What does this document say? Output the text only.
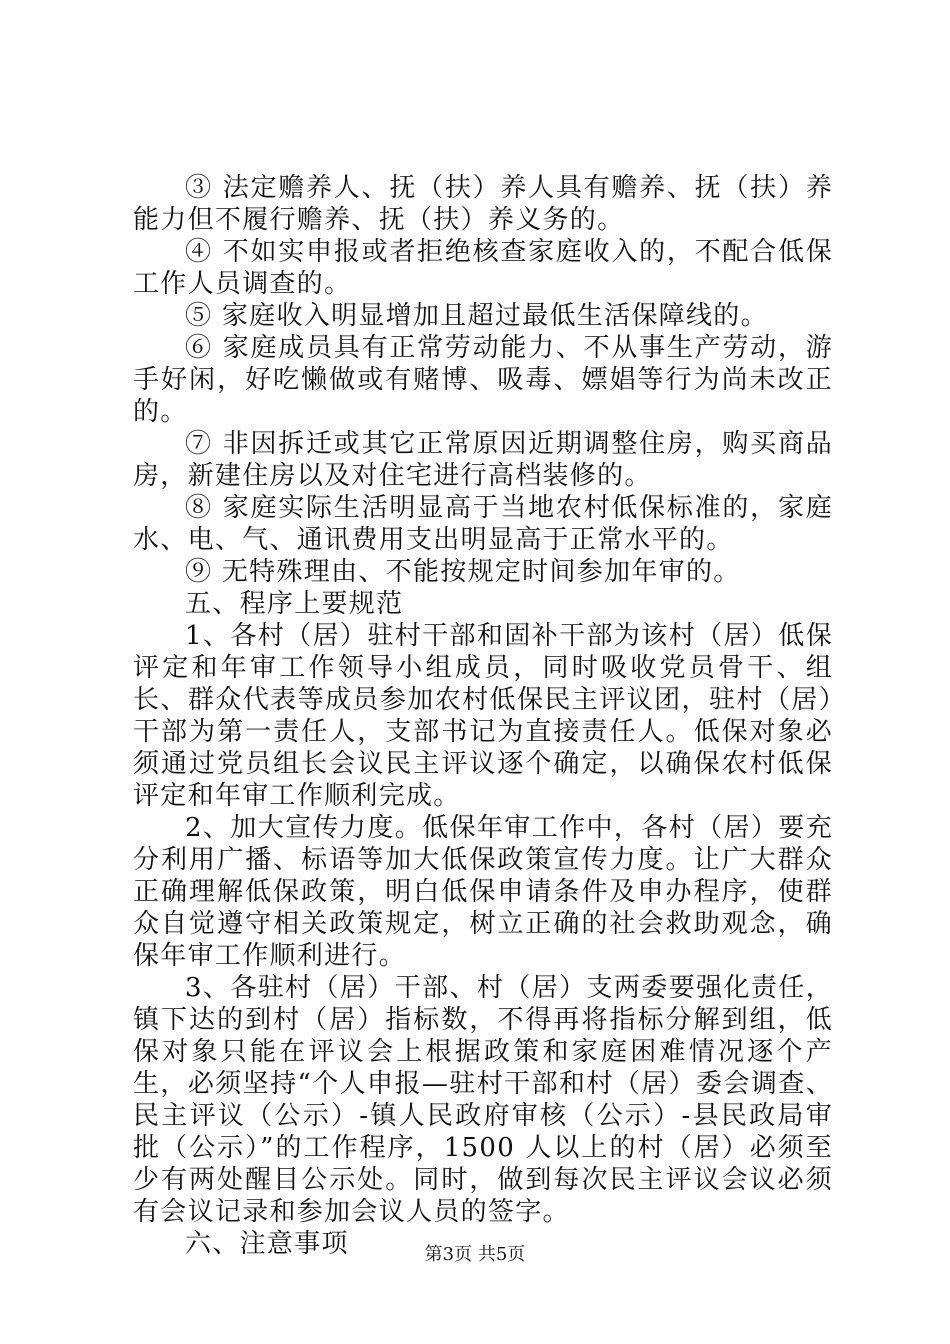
③ 法定赡养人、抚（扶）养人具有赡养、抚（扶）养能力但不履行赡养、抚（扶）养义务的。

④ 不如实申报或者拒绝核查家庭收入的，不配合低保工作人员调查的。

⑤ 家庭收入明显增加且超过最低生活保障线的。

⑥ 家庭成员具有正常劳动能力、不从事生产劳动，游手好闲，好吃懒做或有赌博、吸毒、嫖娼等行为尚未改正的。

⑦ 非因拆迁或其它正常原因近期调整住房，购买商品房，新建住房以及对住宅进行高档装修的。

⑧ 家庭实际生活明显高于当地农村低保标准的，家庭水、电、气、通讯费用支出明显高于正常水平的。

⑨ 无特殊理由、不能按规定时间参加年审的。

五、程序上要规范

1、各村（居）驻村干部和固补干部为该村（居）低保评定和年审工作领导小组成员，同时吸收党员骨干、组长、群众代表等成员参加农村低保民主评议团，驻村（居）干部为第一责任人，支部书记为直接责任人。低保对象必须通过党员组长会议民主评议逐个确定，以确保农村低保评定和年审工作顺利完成。

2、加大宣传力度。低保年审工作中，各村（居）要充分利用广播、标语等加大低保政策宣传力度。让广大群众正确理解低保政策，明白低保申请条件及申办程序，使群众自觉遵守相关政策规定，树立正确的社会救助观念，确保年审工作顺利进行。

3、各驻村（居）干部、村（居）支两委要强化责任，镇下达的到村（居）指标数，不得再将指标分解到组，低保对象只能在评议会上根据政策和家庭困难情况逐个产生，必须坚持“个人申报—驻村干部和村（居）委会调查、民主评议（公示）-镇人民政府审核（公示）-县民政局审批（公示）”的工作程序，1500 人以上的村（居）必须至少有两处醒目公示处。同时，做到每次民主评议会议必须有会议记录和参加会议人员的签字。

六、注意事项	第3页 共5页
